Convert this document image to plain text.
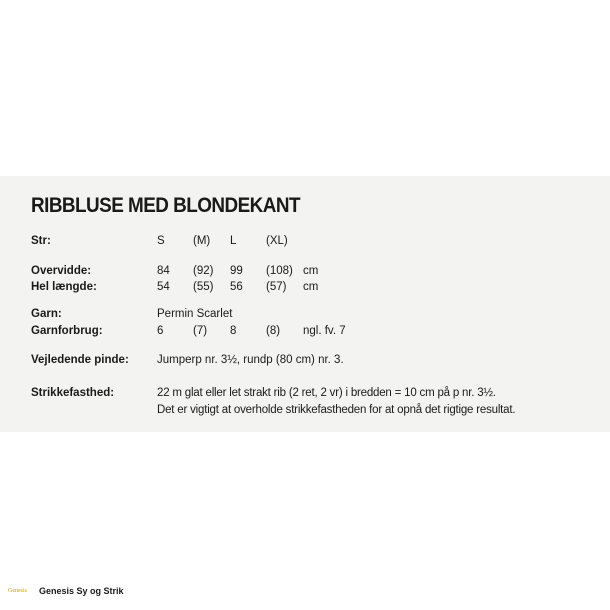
RIBBLUSE MED BLONDEKANT
Str:	S (M) L	(XL)
Overvidde:	84 (92) 99 (108) cm
Hel længde:	54 (55) 56 (57) cm
Garn:	Permin Scarlet
Garnforbrug:	6	(7) 8	(8) ngl. fv. 7
Vejledende pinde: Jumperp nr. 3½, rundp (80 cm) nr. 3.
Strikkefasthed:	22 m glat eller let strakt rib (2 ret, 2 vr) i bredden = 10 cm på p nr. 3½.
Det er vigtigt at overholde strikkefastheden for at opnå det rigtige resultat.
Genesis Genesis Sy og Strik
